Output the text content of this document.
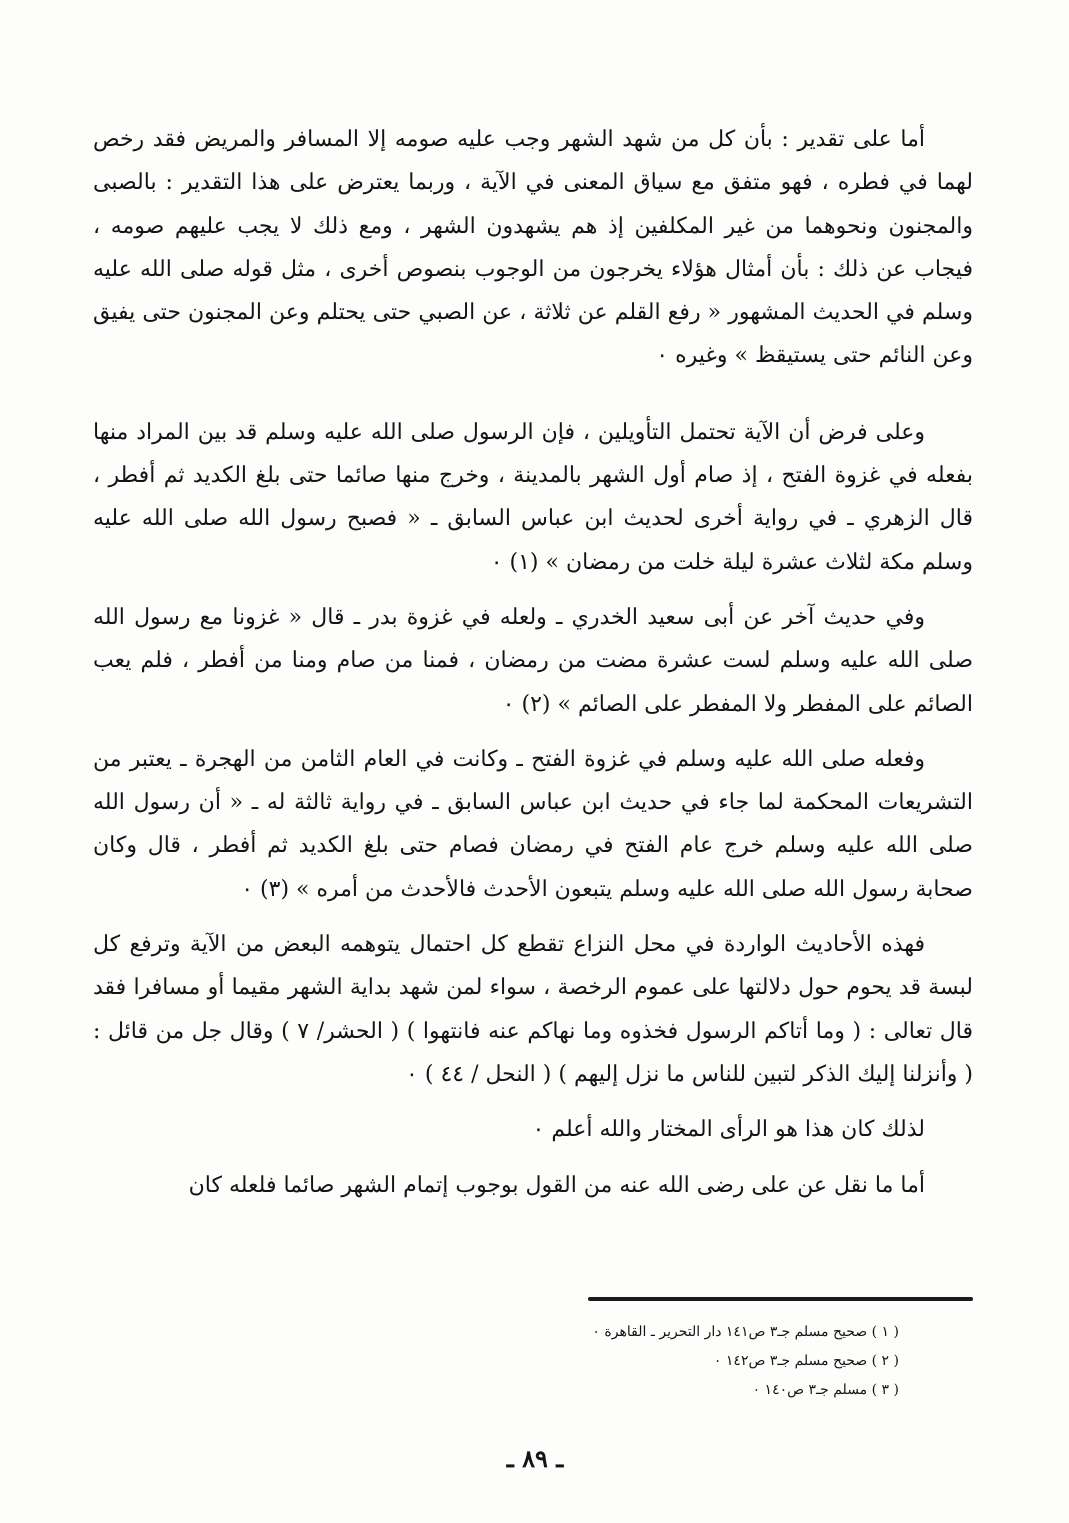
أما على تقدير : بأن كل من شهد الشهر وجب عليه صومه إلا المسافر والمريض فقد رخص لهما في فطره ، فهو متفق مع سياق المعنى في الآية ، وربما يعترض على هذا التقدير : بالصبى والمجنون ونحوهما من غير المكلفين إذ هم يشهدون الشهر ، ومع ذلك لا يجب عليهم صومه ، فيجاب عن ذلك : بأن أمثال هؤلاء يخرجون من الوجوب بنصوص أخرى ، مثل قوله صلى الله عليه وسلم في الحديث المشهور « رفع القلم عن ثلاثة ، عن الصبي حتى يحتلم وعن المجنون حتى يفيق وعن النائم حتى يستيقظ » وغيره ٠

وعلى فرض أن الآية تحتمل التأويلين ، فإن الرسول صلى الله عليه وسلم قد بين المراد منها بفعله في غزوة الفتح ، إذ صام أول الشهر بالمدينة ، وخرج منها صائما حتى بلغ الكديد ثم أفطر ، قال الزهري ـ في رواية أخرى لحديث ابن عباس السابق ـ « فصبح رسول الله صلى الله عليه وسلم مكة لثلاث عشرة ليلة خلت من رمضان » (١) ٠

وفي حديث آخر عن أبى سعيد الخدري ـ ولعله في غزوة بدر ـ قال « غزونا مع رسول الله صلى الله عليه وسلم لست عشرة مضت من رمضان ، فمنا من صام ومنا من أفطر ، فلم يعب الصائم على المفطر ولا المفطر على الصائم » (٢) ٠

وفعله صلى الله عليه وسلم في غزوة الفتح ـ وكانت في العام الثامن من الهجرة ـ يعتبر من التشريعات المحكمة لما جاء في حديث ابن عباس السابق ـ في رواية ثالثة له ـ « أن رسول الله صلى الله عليه وسلم خرج عام الفتح في رمضان فصام حتى بلغ الكديد ثم أفطر ، قال وكان صحابة رسول الله صلى الله عليه وسلم يتبعون الأحدث فالأحدث من أمره » (٣) ٠

فهذه الأحاديث الواردة في محل النزاع تقطع كل احتمال يتوهمه البعض من الآية وترفع كل لبسة قد يحوم حول دلالتها على عموم الرخصة ، سواء لمن شهد بداية الشهر مقيما أو مسافرا فقد قال تعالى : ( وما أتاكم الرسول فخذوه وما نهاكم عنه فانتهوا ) ( الحشر/ ٧ ) وقال جل من قائل : ( وأنزلنا إليك الذكر لتبين للناس ما نزل إليهم ) ( النحل / ٤٤ ) ٠

لذلك كان هذا هو الرأى المختار والله أعلم ٠

أما ما نقل عن على رضى الله عنه من القول بوجوب إتمام الشهر صائما فلعله كان

( ١ ) صحيح مسلم جـ٣ ص١٤١ دار التحرير ـ القاهرة ٠

( ٢ ) صحيح مسلم جـ٣ ص١٤٢ ٠

( ٣ ) مسلم جـ٣ ص١٤٠ ٠

ـ ٨٩ ـ
